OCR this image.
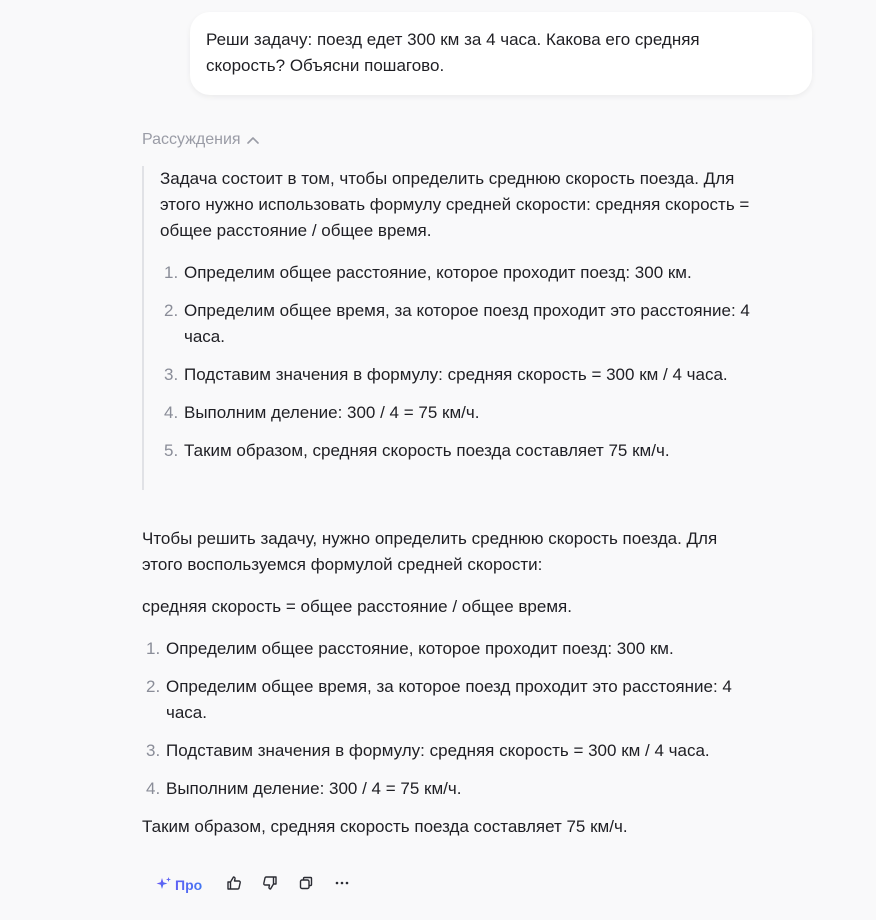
Реши задачу: поезд едет 300 км за 4 часа. Какова его средняя скорость? Объясни пошагово.
Рассуждения

Задача состоит в том, чтобы определить среднюю скорость поезда. Для этого нужно использовать формулу средней скорости: средняя скорость = общее расстояние / общее время.

1. Определим общее расстояние, которое проходит поезд: 300 км.
2. Определим общее время, за которое поезд проходит это расстояние: 4 часа.
3. Подставим значения в формулу: средняя скорость = 300 км / 4 часа.
4. Выполним деление: 300 / 4 = 75 км/ч.
5. Таким образом, средняя скорость поезда составляет 75 км/ч.

Чтобы решить задачу, нужно определить среднюю скорость поезда. Для этого воспользуемся формулой средней скорости:

средняя скорость = общее расстояние / общее время.

1. Определим общее расстояние, которое проходит поезд: 300 км.
2. Определим общее время, за которое поезд проходит это расстояние: 4 часа.
3. Подставим значения в формулу: средняя скорость = 300 км / 4 часа.
4. Выполним деление: 300 / 4 = 75 км/ч.

Таким образом, средняя скорость поезда составляет 75 км/ч.

Про
